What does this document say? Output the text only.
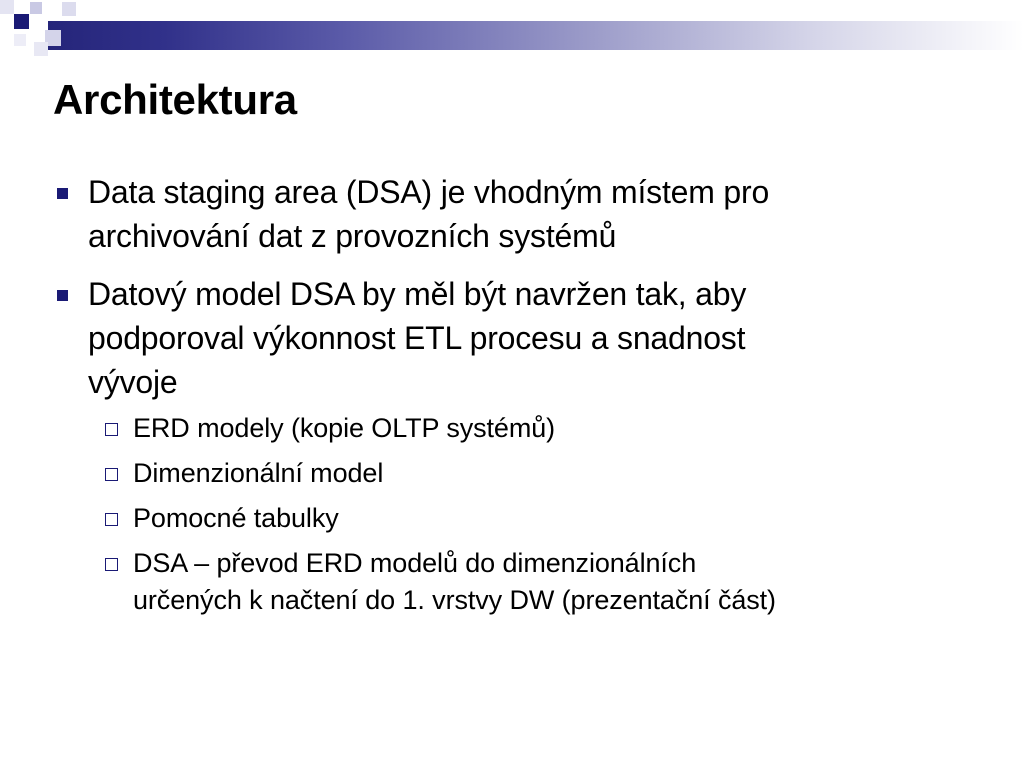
Architektura
Data staging area (DSA) je vhodným místem pro
archivování dat z provozních systémů
Datový model DSA by měl být navržen tak, aby
podporoval výkonnost ETL procesu a snadnost
vývoje
ERD modely (kopie OLTP systémů)
Dimenzionální model
Pomocné tabulky
DSA – převod ERD modelů do dimenzionálních
určených k načtení do 1. vrstvy DW (prezentační část)
